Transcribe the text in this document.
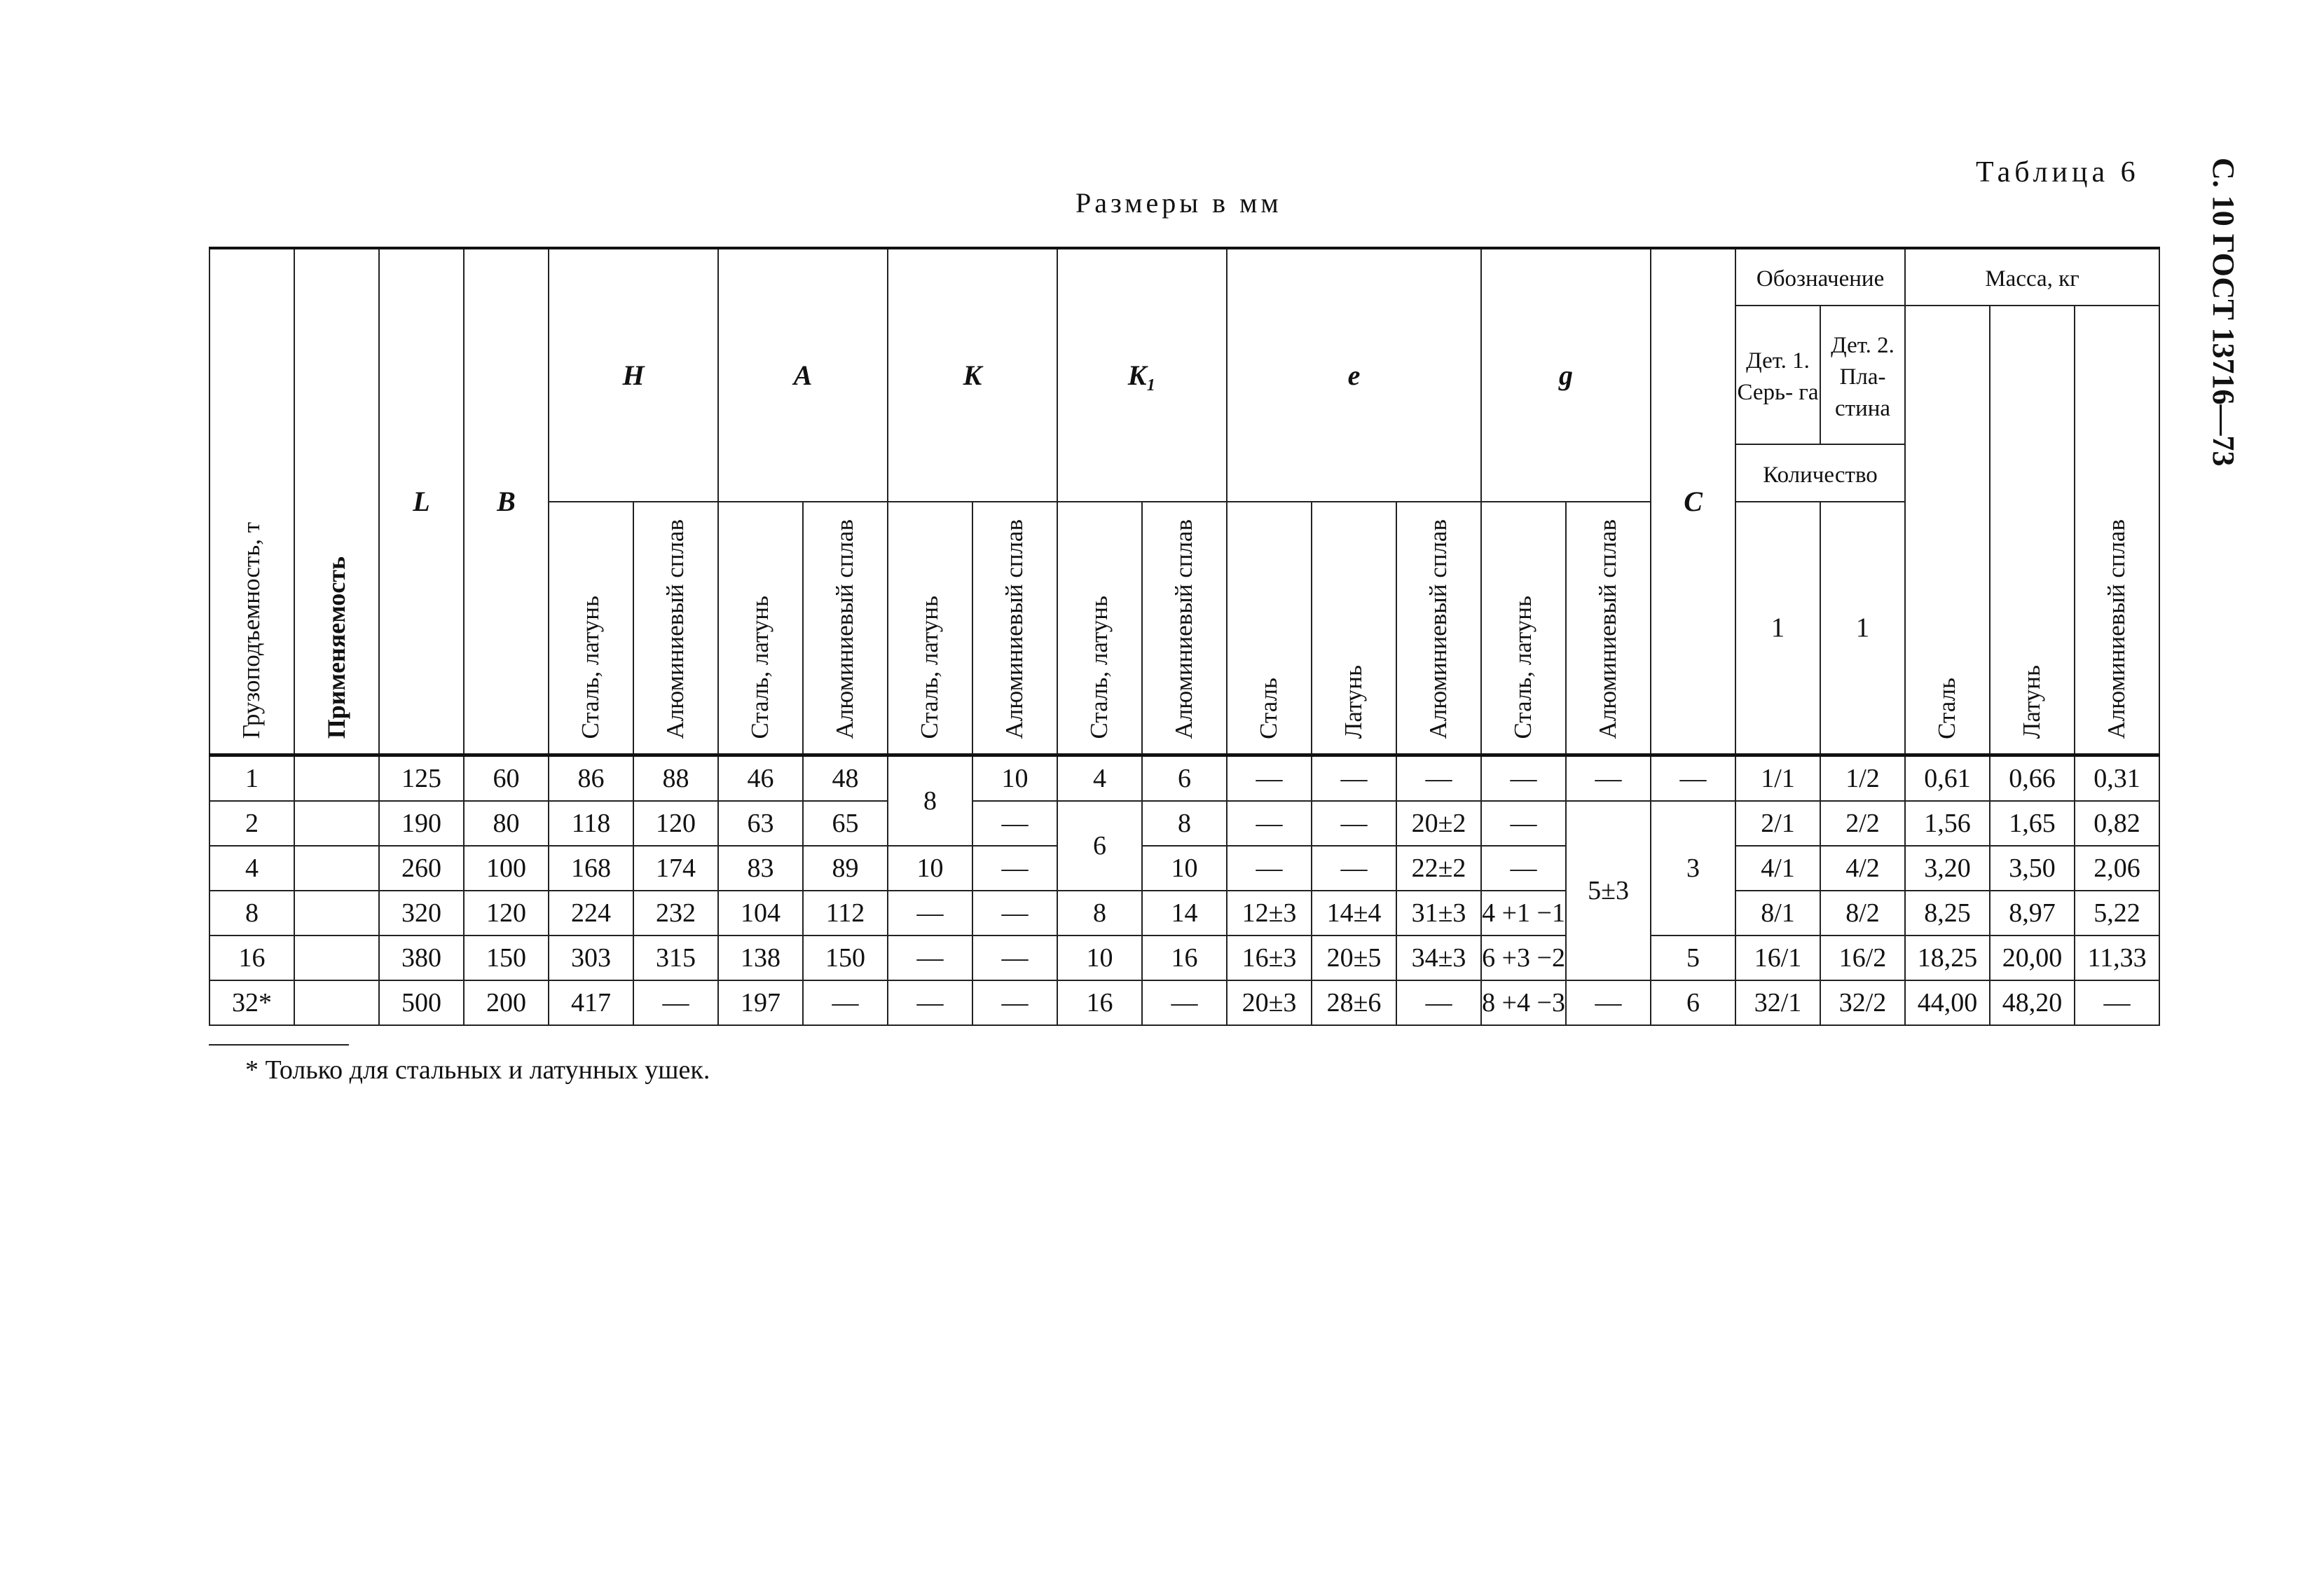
С. 10 ГОСТ 13716—73
Таблица 6
Размеры в мм
Грузоподъемность, т	Применяемость	L	B	H		A		K		K₁		e			g		C	Обозначение		Масса, кг		
																		Дет. 1. Серь- га	Дет. 2. Пла- стина	Сталь	Латунь	Алюминиевый сплав
																		Количество				
				Сталь, латунь	Алюминиевый сплав	Сталь, латунь	Алюминиевый сплав	Сталь, латунь	Алюминиевый сплав	Сталь, латунь	Алюминиевый сплав	Сталь	Латунь	Алюминиевый сплав	Сталь, латунь	Алюминиевый сплав		1	1			
1		125	60	86	88	46	48	8	10	4	6	—	—	—	—	—	—	1/1	1/2	0,61	0,66	0,31
2		190	80	118	120	63	65		—	6	8	—	—	20±2	—	5±3	3	2/1	2/2	1,56	1,65	0,82
4		260	100	168	174	83	89	10	—		10	—	—	22±2	—			4/1	4/2	3,20	3,50	2,06
8		320	120	224	232	104	112	—	—	8	14	12±3	14±4	31±3	4 +1 −1			8/1	8/2	8,25	8,97	5,22
16		380	150	303	315	138	150	—	—	10	16	16±3	20±5	34±3	6 +3 −2		5	16/1	16/2	18,25	20,00	11,33
32*		500	200	417	—	197	—	—	—	16	—	20±3	28±6	—	8 +4 −3	—	6	32/1	32/2	44,00	48,20	—
* Только для стальных и латунных ушек.
